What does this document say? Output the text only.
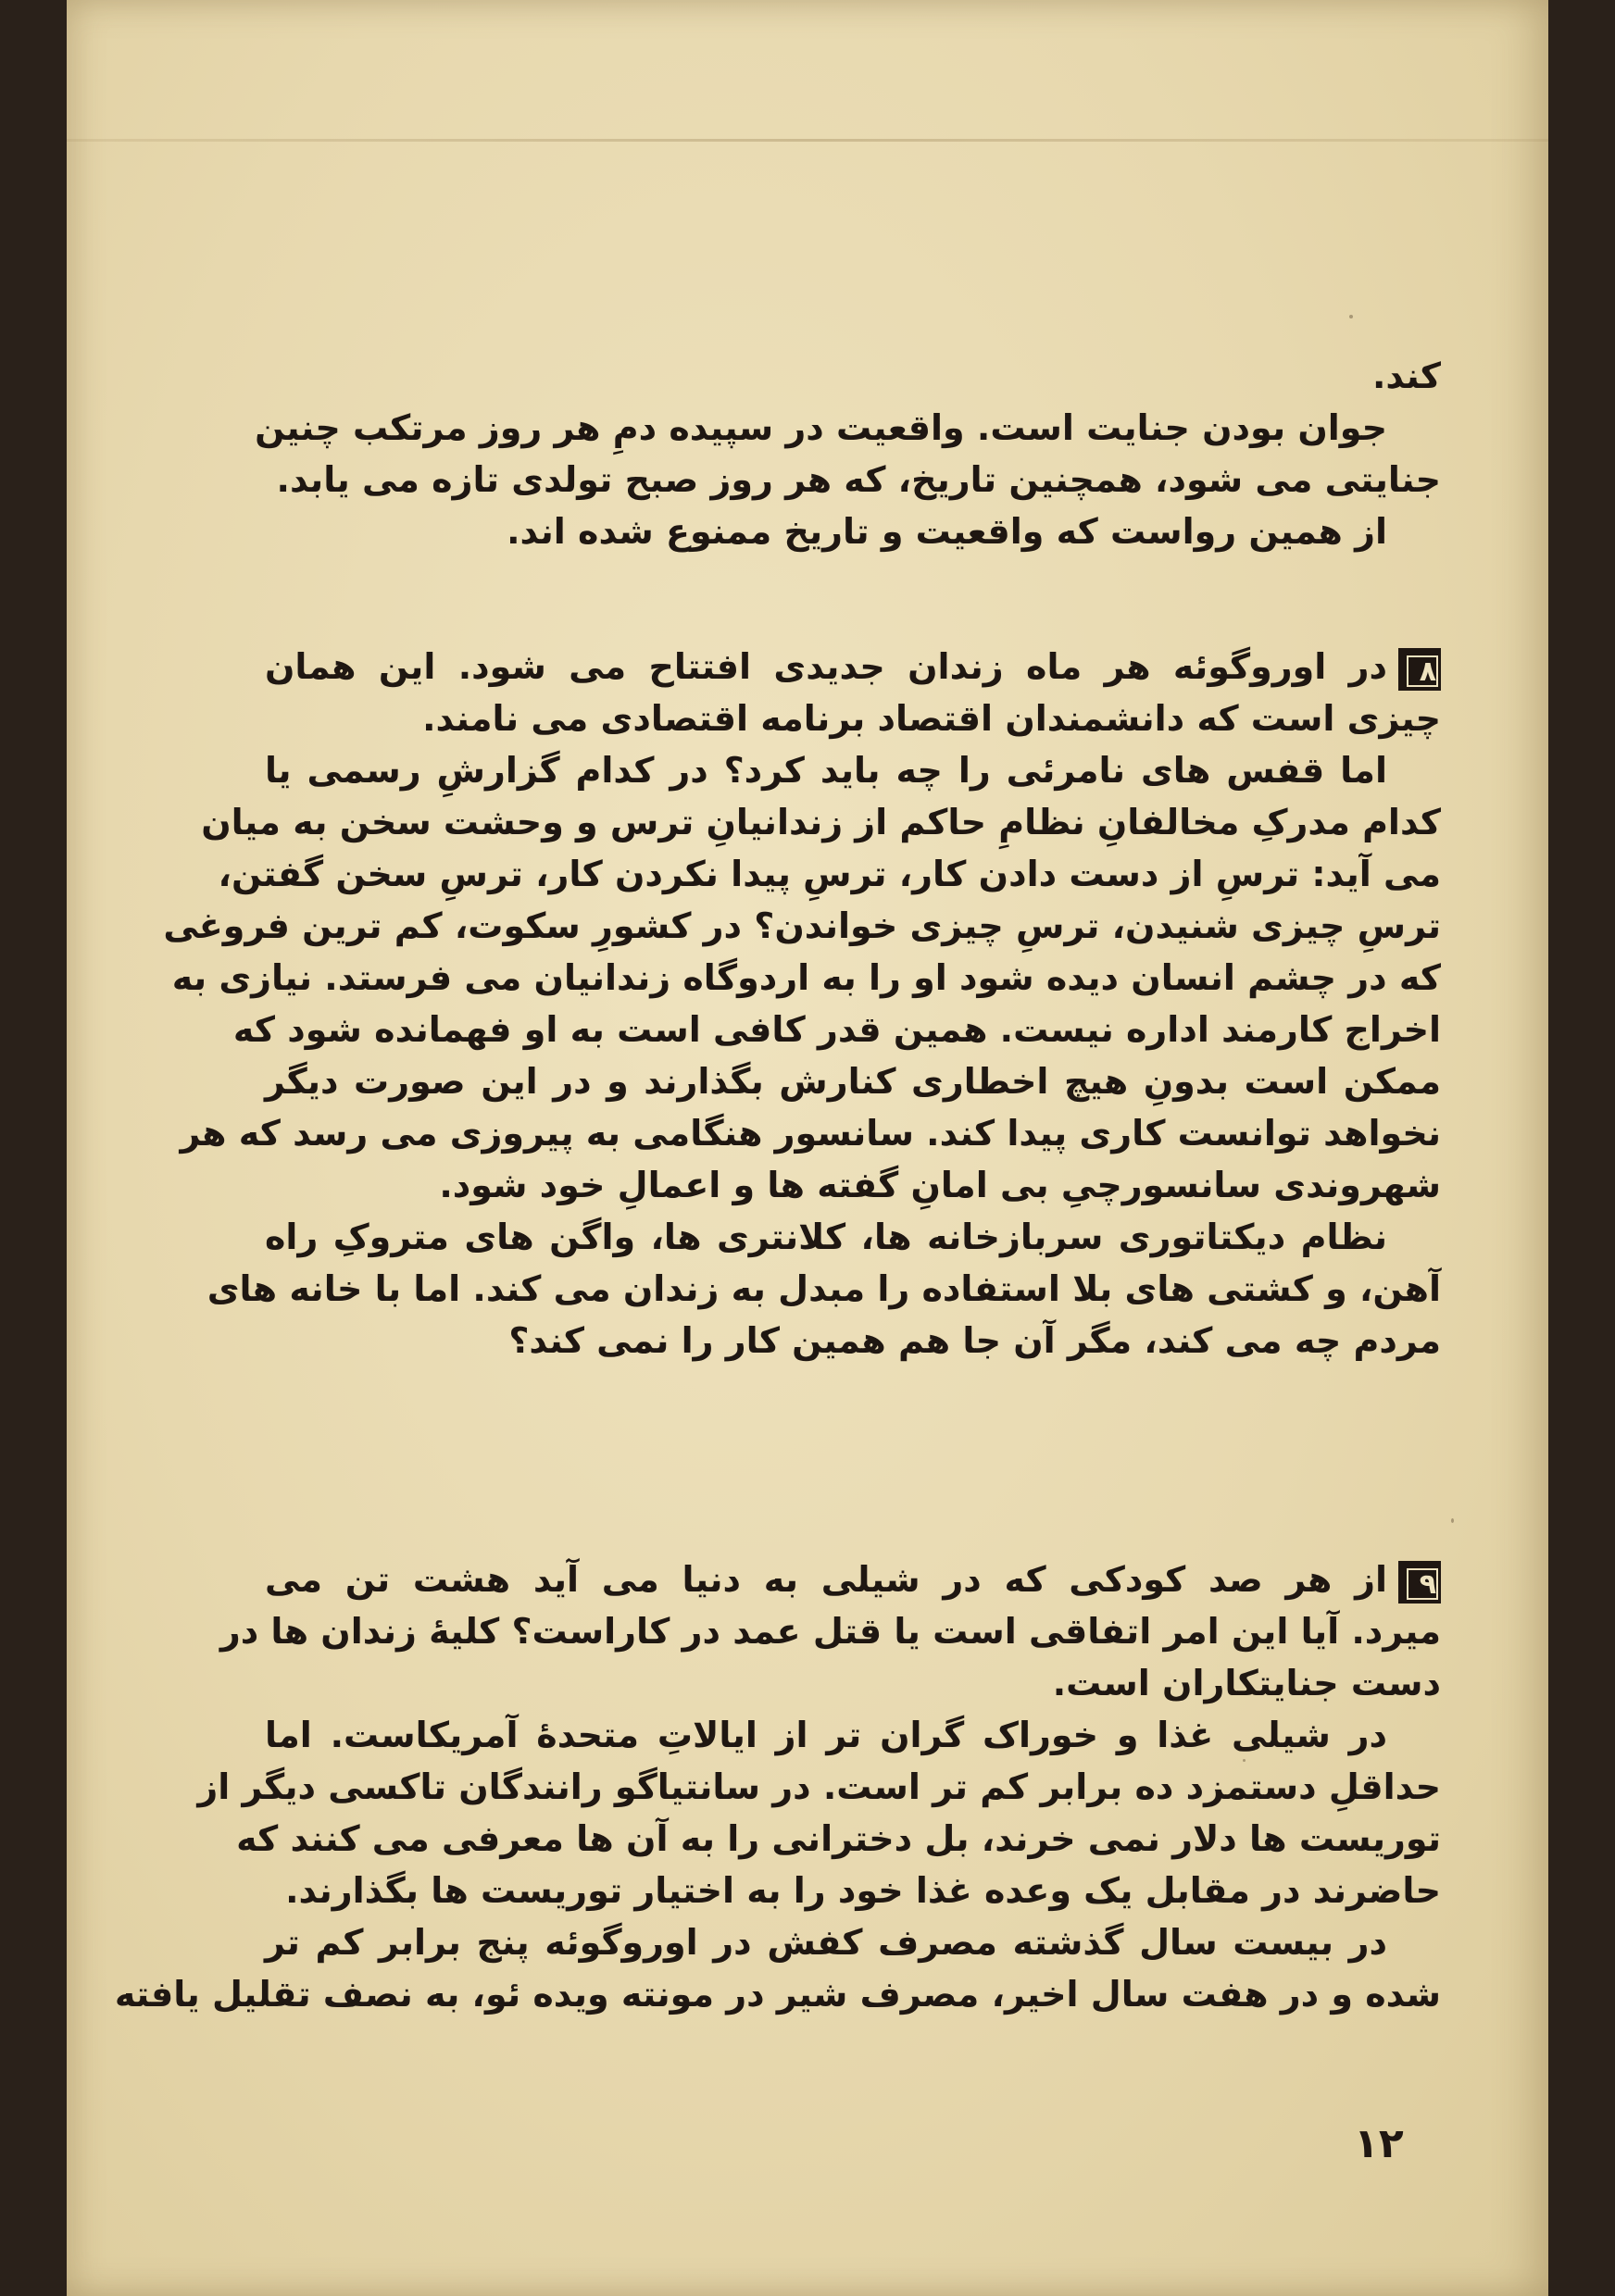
کند.
جوان بودن جنایت است. واقعیت در سپیده دمِ هر روز مرتکب چنین
جنایتی می شود، همچنین تاریخ، که هر روز صبح تولدی تازه می یابد.
از همین رواست که واقعیت و تاریخ ممنوع شده اند.
۸در اوروگوئه هر ماه زندان جدیدی افتتاح می شود. این همان
چیزی است که دانشمندان اقتصاد برنامه اقتصادی می نامند.
اما قفس های نامرئی را چه باید کرد؟ در کدام گزارشِ رسمی یا
کدام مدرکِ مخالفانِ نظامِ حاکم از زندانیانِ ترس و وحشت سخن به میان
می آید: ترسِ از دست دادن کار، ترسِ پیدا نکردن کار، ترسِ سخن گفتن،
ترسِ چیزی شنیدن، ترسِ چیزی خواندن؟ در کشورِ سکوت، کم ترین فروغی
که در چشم انسان دیده شود او را به اردوگاه زندانیان می فرستد. نیازی به
اخراج کارمند اداره نیست. همین قدر کافی است به او فهمانده شود که
ممکن است بدونِ هیچ اخطاری کنارش بگذارند و در این صورت دیگر
نخواهد توانست کاری پیدا کند. سانسور هنگامی به پیروزی می رسد که هر
شهروندی سانسورچیِ بی امانِ گفته ها و اعمالِ خود شود.
نظام دیکتاتوری سربازخانه ها، کلانتری ها، واگن های متروکِ راه
آهن، و کشتی های بلا استفاده را مبدل به زندان می کند. اما با خانه های
مردم چه می کند، مگر آن جا هم همین کار را نمی کند؟
۹از هر صد کودکی که در شیلی به دنیا می آید هشت تن می
میرد. آیا این امر اتفاقی است یا قتل عمد در کاراست؟ کلیهٔ زندان ها در
دست جنایتکاران است.
در شیلی غذا و خوراک گران تر از ایالاتِ متحدهٔ آمریکاست. اما
حداقلِ دستمزد ده برابر کم تر است. در سانتیاگو رانندگان تاکسی دیگر از
توریست ها دلار نمی خرند، بل دخترانی را به آن ها معرفی می کنند که
حاضرند در مقابل یک وعده غذا خود را به اختیار توریست ها بگذارند.
در بیست سال گذشته مصرف کفش در اوروگوئه پنج برابر کم تر
شده و در هفت سال اخیر، مصرف شیر در مونته ویده ئو، به نصف تقلیل یافته
۱۲
